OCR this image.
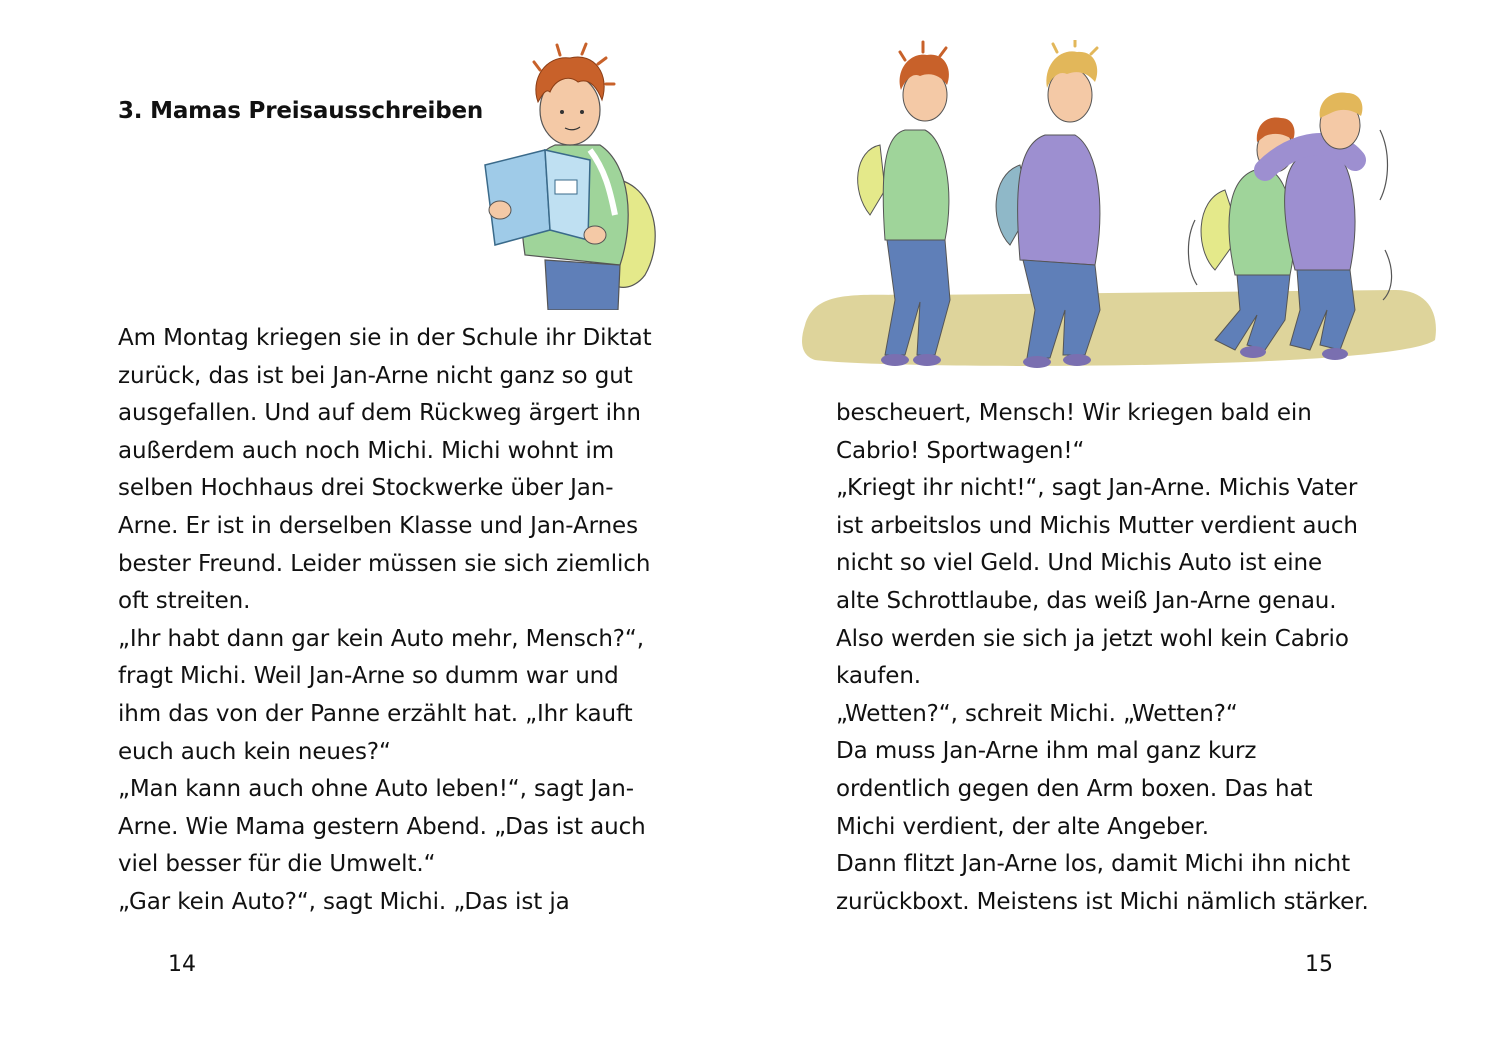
3. Mamas Preisausschreiben
Am Montag kriegen sie in der Schule ihr Diktat
zurück, das ist bei Jan-Arne nicht ganz so gut
ausgefallen. Und auf dem Rückweg ärgert ihn
außerdem auch noch Michi. Michi wohnt im
selben Hochhaus drei Stockwerke über Jan-
Arne. Er ist in derselben Klasse und Jan-Arnes
bester Freund. Leider müssen sie sich ziemlich
oft streiten.
„Ihr habt dann gar kein Auto mehr, Mensch?“,
fragt Michi. Weil Jan-Arne so dumm war und
ihm das von der Panne erzählt hat. „Ihr kauft
euch auch kein neues?“
„Man kann auch ohne Auto leben!“, sagt Jan-
Arne. Wie Mama gestern Abend. „Das ist auch
viel besser für die Umwelt.“
„Gar kein Auto?“, sagt Michi. „Das ist ja
14
bescheuert, Mensch! Wir kriegen bald ein
Cabrio! Sportwagen!“
„Kriegt ihr nicht!“, sagt Jan-Arne. Michis Vater
ist arbeitslos und Michis Mutter verdient auch
nicht so viel Geld. Und Michis Auto ist eine
alte Schrottlaube, das weiß Jan-Arne genau.
Also werden sie sich ja jetzt wohl kein Cabrio
kaufen.
„Wetten?“, schreit Michi. „Wetten?“
Da muss Jan-Arne ihm mal ganz kurz
ordentlich gegen den Arm boxen. Das hat
Michi verdient, der alte Angeber.
Dann flitzt Jan-Arne los, damit Michi ihn nicht
zurückboxt. Meistens ist Michi nämlich stärker.
15
